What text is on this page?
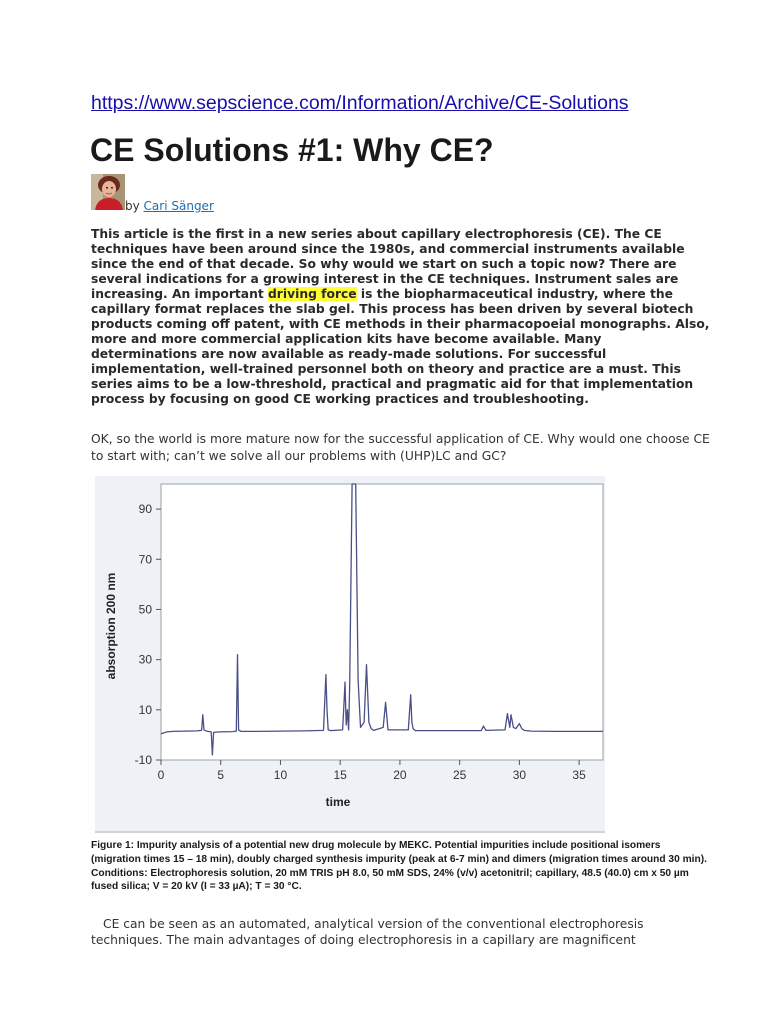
https://www.sepscience.com/Information/Archive/CE-Solutions
CE Solutions #1: Why CE?
by Cari Sänger

This article is the first in a new series about capillary electrophoresis (CE). The CE techniques have been around since the 1980s, and commercial instruments available since the end of that decade. So why would we start on such a topic now? There are several indications for a growing interest in the CE techniques. Instrument sales are increasing. An important driving force is the biopharmaceutical industry, where the capillary format replaces the slab gel. This process has been driven by several biotech products coming off patent, with CE methods in their pharmacopoeial monographs. Also, more and more commercial application kits have become available. Many determinations are now available as ready-made solutions. For successful implementation, well-trained personnel both on theory and practice are a must. This series aims to be a low-threshold, practical and pragmatic aid for that implementation process by focusing on good CE working practices and troubleshooting.

OK, so the world is more mature now for the successful application of CE. Why would one choose CE to start with; can’t we solve all our problems with (UHP)LC and GC?

-10
10
30
50
70
90
0	5	10	15	20	25	30	35
time
absorption 200 nm

Figure 1: Impurity analysis of a potential new drug molecule by MEKC. Potential impurities include positional isomers (migration times 15 – 18 min), doubly charged synthesis impurity (peak at 6-7 min) and dimers (migration times around 30 min). Conditions: Electrophoresis solution, 20 mM TRIS pH 8.0, 50 mM SDS, 24% (v/v) acetonitril; capillary, 48.5 (40.0) cm x 50 µm fused silica; V = 20 kV (I = 33 µA); T = 30 °C.

CE can be seen as an automated, analytical version of the conventional electrophoresis techniques. The main advantages of doing electrophoresis in a capillary are magnificent
